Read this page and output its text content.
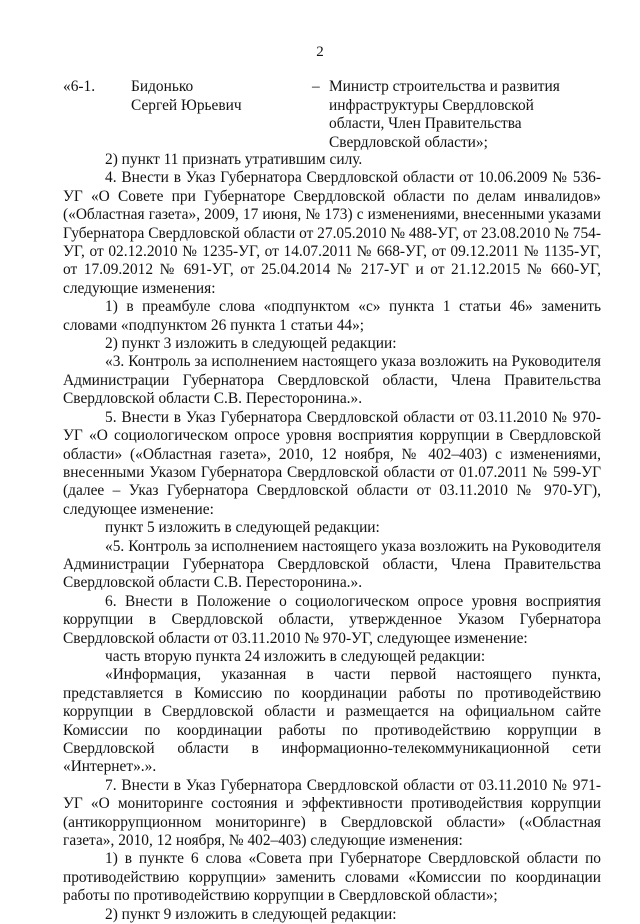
2
«6-1. Бидонько
Сергей Юрьевич
– Министр строительства и развития
инфраструктуры Свердловской
области, Член Правительства
Свердловской области»;

2) пункт 11 признать утратившим силу.

4. Внести в Указ Губернатора Свердловской области от 10.06.2009 № 536-УГ «О Совете при Губернаторе Свердловской области по делам инвалидов» («Областная газета», 2009, 17 июня, № 173) с изменениями, внесенными указами Губернатора Свердловской области от 27.05.2010 № 488-УГ, от 23.08.2010 № 754-УГ, от 02.12.2010 № 1235-УГ, от 14.07.2011 № 668-УГ, от 09.12.2011 № 1135-УГ, от 17.09.2012 № 691-УГ, от 25.04.2014 № 217-УГ и от 21.12.2015 № 660-УГ, следующие изменения:

1) в преамбуле слова «подпунктом «с» пункта 1 статьи 46» заменить словами «подпунктом 26 пункта 1 статьи 44»;

2) пункт 3 изложить в следующей редакции:

«3. Контроль за исполнением настоящего указа возложить на Руководителя Администрации Губернатора Свердловской области, Члена Правительства Свердловской области С.В. Пересторонина.».

5. Внести в Указ Губернатора Свердловской области от 03.11.2010 № 970-УГ «О социологическом опросе уровня восприятия коррупции в Свердловской области» («Областная газета», 2010, 12 ноября, № 402–403) с изменениями, внесенными Указом Губернатора Свердловской области от 01.07.2011 № 599-УГ (далее – Указ Губернатора Свердловской области от 03.11.2010 № 970-УГ), следующее изменение:

пункт 5 изложить в следующей редакции:

«5. Контроль за исполнением настоящего указа возложить на Руководителя Администрации Губернатора Свердловской области, Члена Правительства Свердловской области С.В. Пересторонина.».

6. Внести в Положение о социологическом опросе уровня восприятия коррупции в Свердловской области, утвержденное Указом Губернатора Свердловской области от 03.11.2010 № 970-УГ, следующее изменение:

часть вторую пункта 24 изложить в следующей редакции:

«Информация, указанная в части первой настоящего пункта, представляется в Комиссию по координации работы по противодействию коррупции в Свердловской области и размещается на официальном сайте Комиссии по координации работы по противодействию коррупции в Свердловской области в информационно-телекоммуникационной сети «Интернет».».

7. Внести в Указ Губернатора Свердловской области от 03.11.2010 № 971-УГ «О мониторинге состояния и эффективности противодействия коррупции (антикоррупционном мониторинге) в Свердловской области» («Областная газета», 2010, 12 ноября, № 402–403) следующие изменения:

1) в пункте 6 слова «Совета при Губернаторе Свердловской области по противодействию коррупции» заменить словами «Комиссии по координации работы по противодействию коррупции в Свердловской области»;

2) пункт 9 изложить в следующей редакции:
